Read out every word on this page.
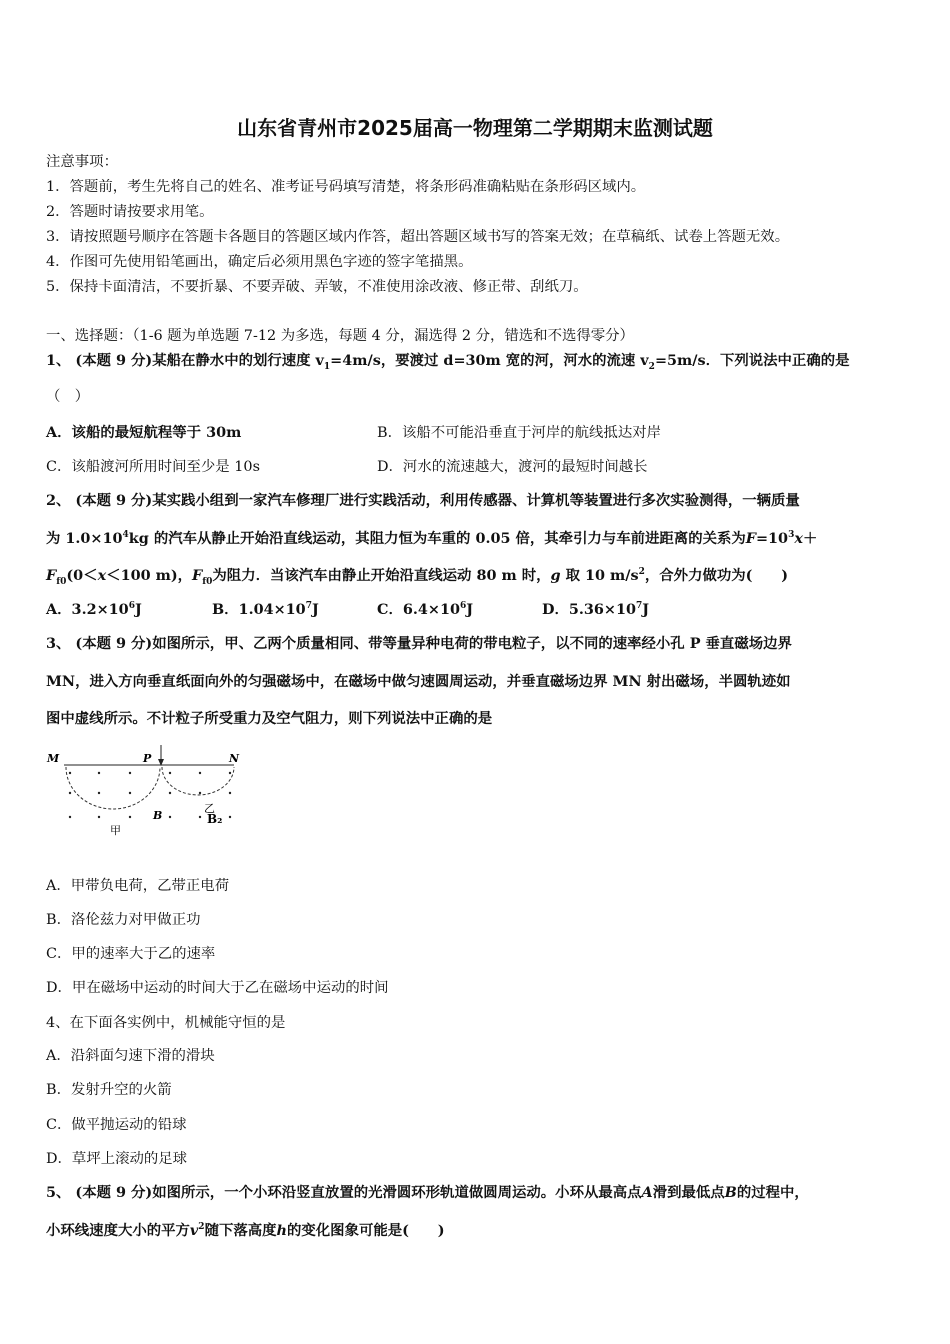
山东省青州市2025届高一物理第二学期期末监测试题
注意事项：
1．答题前，考生先将自己的姓名、准考证号码填写清楚，将条形码准确粘贴在条形码区域内。
2．答题时请按要求用笔。
3．请按照题号顺序在答题卡各题目的答题区域内作答，超出答题区域书写的答案无效；在草稿纸、试卷上答题无效。
4．作图可先使用铅笔画出，确定后必须用黑色字迹的签字笔描黑。
5．保持卡面清洁，不要折暴、不要弄破、弄皱，不准使用涂改液、修正带、刮纸刀。
一、选择题：（1-6 题为单选题 7-12 为多选，每题 4 分，漏选得 2 分，错选和不选得零分）
1、 (本题 9 分)某船在静水中的划行速度 $v_1=4m/s$，要渡过 d=30m 宽的河，河水的流速 $v_2=5m/s$．下列说法中正确的是
（　）
A．该船的最短航程等于 30m	B．该船不可能沿垂直于河岸的航线抵达对岸
C．该船渡河所用时间至少是 10s	D．河水的流速越大，渡河的最短时间越长
2、 (本题 9 分)某实践小组到一家汽车修理厂进行实践活动，利用传感器、计算机等装置进行多次实验测得，一辆质量
为 $1.0\times 10^4kg$ 的汽车从静止开始沿直线运动，其阻力恒为车重的 0.05 倍，其牵引力与车前进距离的关系为$F=10^3x+$
$F_{f0}(0<x<100$ m)，$F_{f0}$为阻力．当该汽车由静止开始沿直线运动 80 m 时，g 取 10 $m/s^2$，合外力做功为(　　)
A．$3.2\times 10^6J$	B．$1.04\times 10^7J$	C．$6.4\times 10^6J$	D．$5.36\times 10^7J$
3、 (本题 9 分)如图所示，甲、乙两个质量相同、带等量异种电荷的带电粒子，以不同的速率经小孔 P 垂直磁场边界
MN，进入方向垂直纸面向外的匀强磁场中，在磁场中做匀速圆周运动，并垂直磁场边界 MN 射出磁场，半圆轨迹如
图中虚线所示。不计粒子所受重力及空气阻力，则下列说法中正确的是
M	P	N
B
甲
乙
B₂
A．甲带负电荷，乙带正电荷
B．洛伦兹力对甲做正功
C．甲的速率大于乙的速率
D．甲在磁场中运动的时间大于乙在磁场中运动的时间
4、在下面各实例中，机械能守恒的是
A．沿斜面匀速下滑的滑块
B．发射升空的火箭
C．做平抛运动的铅球
D．草坪上滚动的足球
5、 (本题 9 分)如图所示，一个小环沿竖直放置的光滑圆环形轨道做圆周运动。小环从最高点A滑到最低点B的过程中，
小环线速度大小的平方$v^2$随下落高度h的变化图象可能是(　　)
